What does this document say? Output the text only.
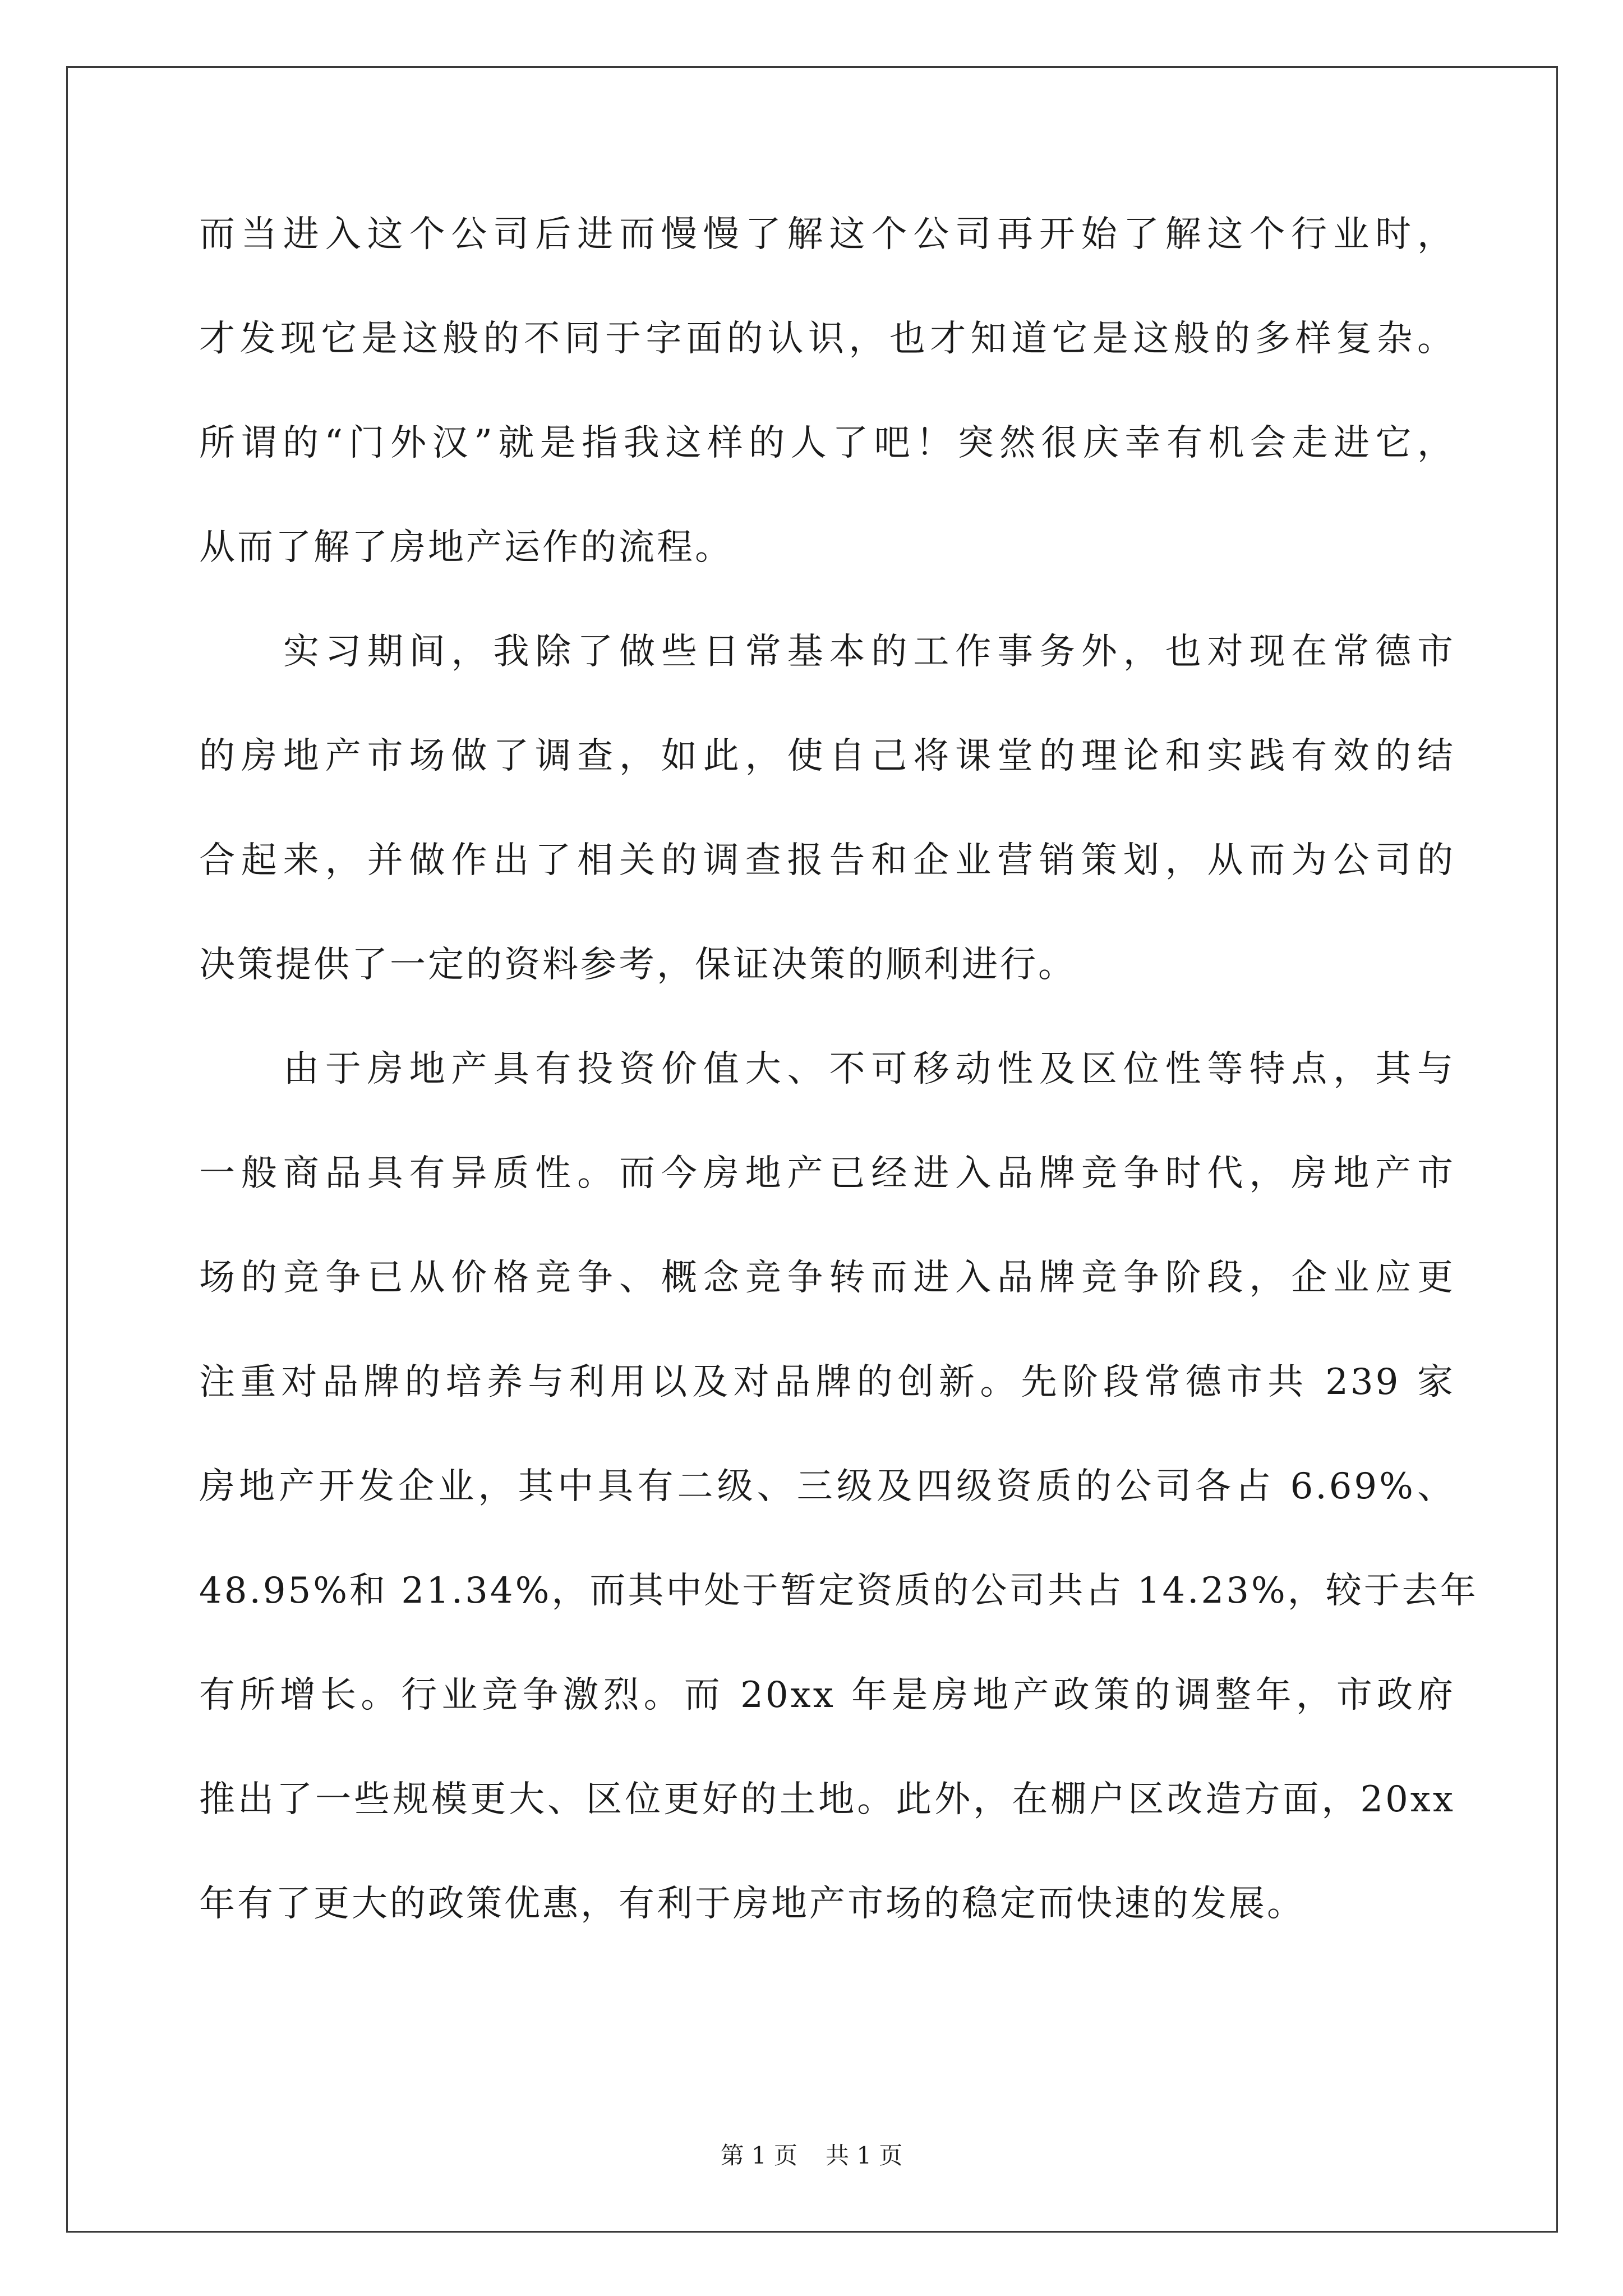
而当进入这个公司后进而慢慢了解这个公司再开始了解这个行业时，
才发现它是这般的不同于字面的认识，也才知道它是这般的多样复杂。
所谓的“门外汉”就是指我这样的人了吧！突然很庆幸有机会走进它，
从而了解了房地产运作的流程。
实习期间，我除了做些日常基本的工作事务外，也对现在常德市
的房地产市场做了调查，如此，使自己将课堂的理论和实践有效的结
合起来，并做作出了相关的调查报告和企业营销策划，从而为公司的
决策提供了一定的资料参考，保证决策的顺利进行。
由于房地产具有投资价值大、不可移动性及区位性等特点，其与
一般商品具有异质性。而今房地产已经进入品牌竞争时代，房地产市
场的竞争已从价格竞争、概念竞争转而进入品牌竞争阶段，企业应更
注重对品牌的培养与利用以及对品牌的创新。先阶段常德市共 239 家
房地产开发企业，其中具有二级、三级及四级资质的公司各占 6.69%、
48.95%和 21.34%，而其中处于暂定资质的公司共占 14.23%，较于去年
有所增长。行业竞争激烈。而 20xx 年是房地产政策的调整年，市政府
推出了一些规模更大、区位更好的土地。此外，在棚户区改造方面，20xx
年有了更大的政策优惠，有利于房地产市场的稳定而快速的发展。
第 1 页 共 1 页
